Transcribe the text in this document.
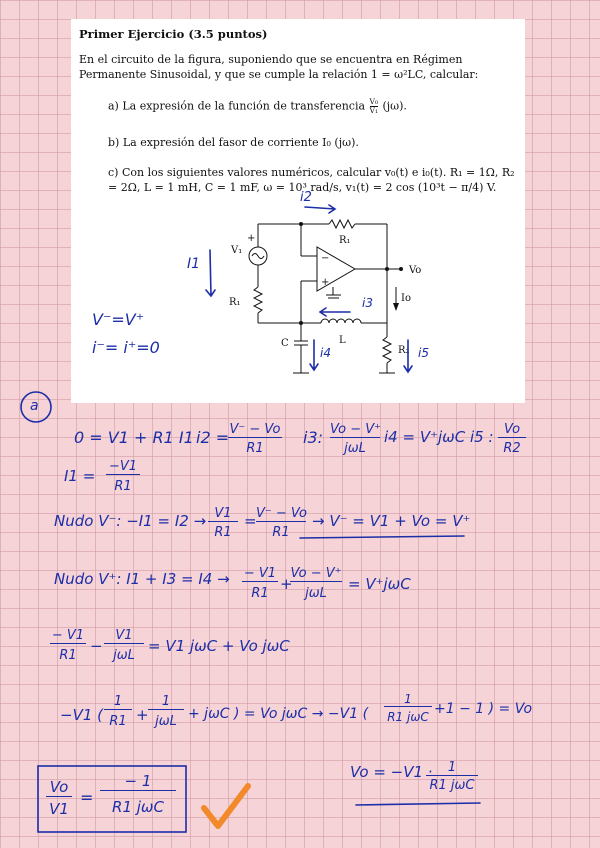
Primer Ejercicio (3.5 puntos)
En el circuito de la figura, suponiendo que se encuentra en Régimen Permanente Sinusoidal, y que se cumple la relación 1 = ω²LC, calcular:
a) La expresión de la función de transferencia $\frac{\text{V₀}}{\text{V₁}} (j\omega)$.
b) La expresión del fasor de corriente I₀ (jω).
c) Con los siguientes valores numéricos, calcular v₀(t) e i₀(t). R₁ = 1Ω, R₂ = 2Ω, L = 1 mH, C = 1 mF, ω = 10³ rad/s, v₁(t) = 2 cos (10³t − π/4) V.
V₁
+	R₁
R₁
R₂
C	L
Vo
Io
−
+
i2
I1
i3
i4	i5
V⁻=V⁺
i⁻= i⁺=0
a
0 = V1 + R1 I1 i2 = V⁻ − Vo
R1
i3: Vo − V⁺
jωL
i4 = V⁺jωC i5 : Vo
R2
I1 =
−V1
R1
Nudo V⁻: −I1 = I2 → V1
R1
= V⁻ − Vo
R1
→ V⁻ = V1 + Vo = V⁺
Nudo V⁺: I1 + I3 = I4 → − V1
R1
+
Vo − V⁺
jωL
= V⁺jωC
− V1
R1
−
V1
jωL
= V1 jωC + Vo jωC
−V1 (
1
R1 +
1
jωL + jωC ) = Vo jωC → −V1 (
1
R1 jωC +1 − 1 ) = Vo
Vo = −V1 ·	1
R1 jωC
Vo
V1
=
− 1
R1 jωC
